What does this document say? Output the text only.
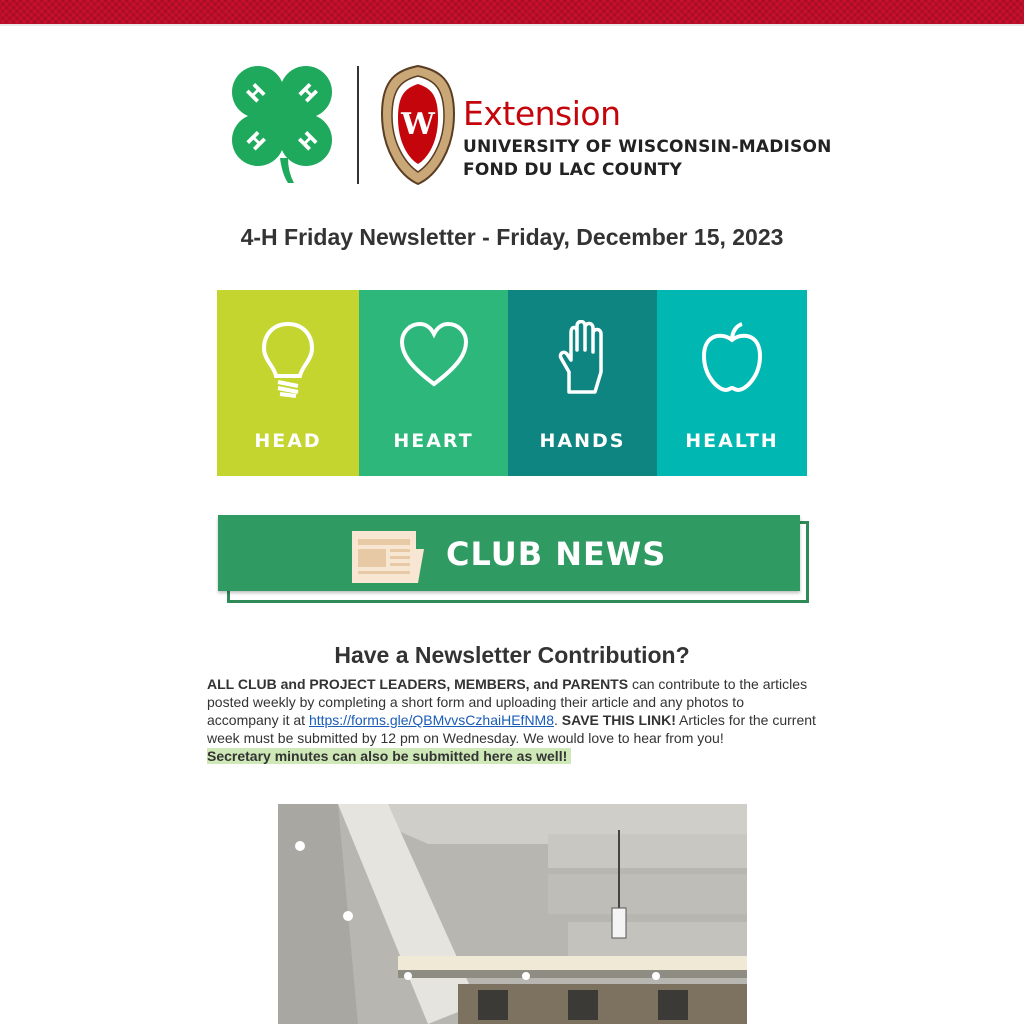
H H
H H	W Extension
UNIVERSITY OF WISCONSIN-MADISON
FOND DU LAC COUNTY
4-H Friday Newsletter - Friday, December 15, 2023
HEAD	HEART	HANDS	HEALTH
CLUB NEWS
Have a Newsletter Contribution?
ALL CLUB and PROJECT LEADERS, MEMBERS, and PARENTS can contribute to the articles posted weekly by completing a short form and uploading their article and any photos to accompany it at https://forms.gle/QBMvvsCzhaiHEfNM8. SAVE THIS LINK! Articles for the current week must be submitted by 12 pm on Wednesday. We would love to hear from you!
Secretary minutes can also be submitted here as well!
